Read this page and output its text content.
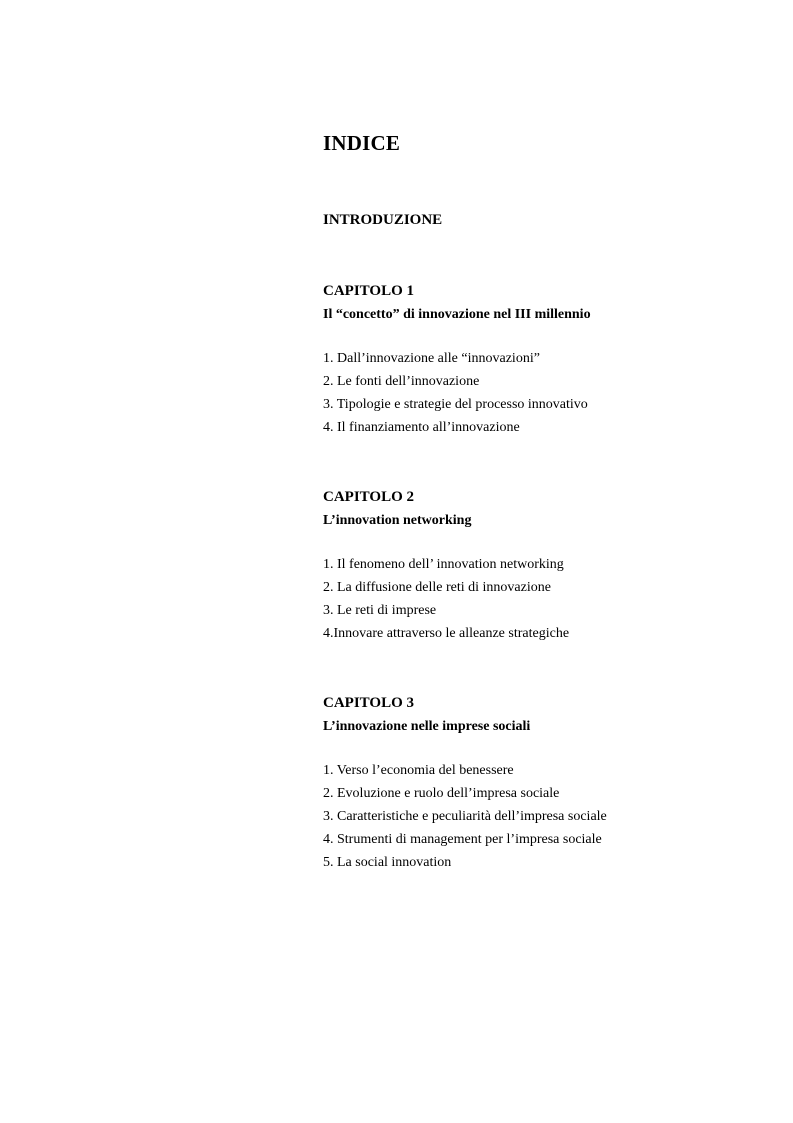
INDICE
INTRODUZIONE
CAPITOLO 1
Il “concetto” di innovazione nel III millennio
1. Dall’innovazione alle “innovazioni”
2. Le fonti dell’innovazione
3. Tipologie e strategie del processo innovativo
4. Il finanziamento all’innovazione
CAPITOLO 2
L’innovation networking
1. Il fenomeno dell’ innovation networking
2. La diffusione delle reti di innovazione
3. Le reti di imprese
4.Innovare attraverso le alleanze strategiche
CAPITOLO 3
L’innovazione nelle imprese sociali
1. Verso l’economia del benessere
2. Evoluzione e ruolo dell’impresa sociale
3. Caratteristiche e peculiarità dell’impresa sociale
4. Strumenti di management per l’impresa sociale
5. La social innovation
